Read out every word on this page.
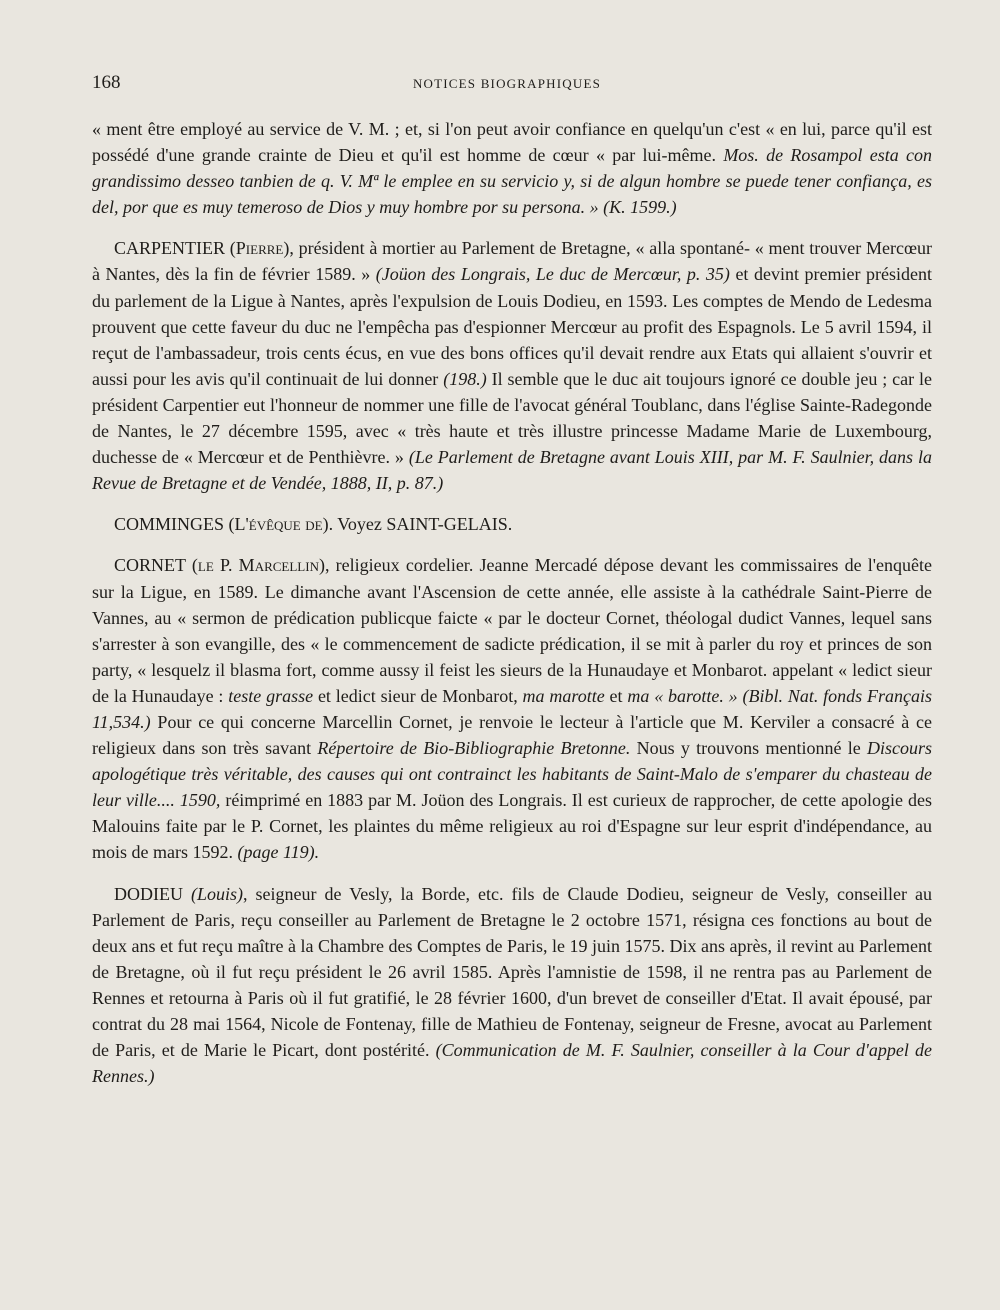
168	NOTICES BIOGRAPHIQUES

« ment être employé au service de V. M. ; et, si l'on peut avoir confiance en quelqu'un c'est « en lui, parce qu'il est possédé d'une grande crainte de Dieu et qu'il est homme de cœur « par lui-même. Mos. de Rosampol esta con grandissimo desseo tanbien de q. V. Mª le emplee en su servicio y, si de algun hombre se puede tener confiança, es del, por que es muy temeroso de Dios y muy hombre por su persona. » (K. 1599.)

CARPENTIER (Pierre), président à mortier au Parlement de Bretagne, « alla spontané- « ment trouver Mercœur à Nantes, dès la fin de février 1589. » (Joüon des Longrais, Le duc de Mercœur, p. 35) et devint premier président du parlement de la Ligue à Nantes, après l'expulsion de Louis Dodieu, en 1593. Les comptes de Mendo de Ledesma prouvent que cette faveur du duc ne l'empêcha pas d'espionner Mercœur au profit des Espagnols. Le 5 avril 1594, il reçut de l'ambassadeur, trois cents écus, en vue des bons offices qu'il devait rendre aux Etats qui allaient s'ouvrir et aussi pour les avis qu'il continuait de lui donner (198.) Il semble que le duc ait toujours ignoré ce double jeu ; car le président Carpentier eut l'honneur de nommer une fille de l'avocat général Toublanc, dans l'église Sainte-Radegonde de Nantes, le 27 décembre 1595, avec « très haute et très illustre princesse Madame Marie de Luxembourg, duchesse de « Mercœur et de Penthièvre. » (Le Parlement de Bretagne avant Louis XIII, par M. F. Saulnier, dans la Revue de Bretagne et de Vendée, 1888, II, p. 87.)

COMMINGES (L'évêque de). Voyez SAINT-GELAIS.

CORNET (le P. Marcellin), religieux cordelier. Jeanne Mercadé dépose devant les commissaires de l'enquête sur la Ligue, en 1589. Le dimanche avant l'Ascension de cette année, elle assiste à la cathédrale Saint-Pierre de Vannes, au « sermon de prédication publicque faicte « par le docteur Cornet, théologal dudict Vannes, lequel sans s'arrester à son evangille, des « le commencement de sadicte prédication, il se mit à parler du roy et princes de son party, « lesquelz il blasma fort, comme aussy il feist les sieurs de la Hunaudaye et Monbarot. appelant « ledict sieur de la Hunaudaye : teste grasse et ledict sieur de Monbarot, ma marotte et ma « barotte. » (Bibl. Nat. fonds Français 11,534.) Pour ce qui concerne Marcellin Cornet, je renvoie le lecteur à l'article que M. Kerviler a consacré à ce religieux dans son très savant Répertoire de Bio-Bibliographie Bretonne. Nous y trouvons mentionné le Discours apologétique très véritable, des causes qui ont contrainct les habitants de Saint-Malo de s'emparer du chasteau de leur ville.... 1590, réimprimé en 1883 par M. Joüon des Longrais. Il est curieux de rapprocher, de cette apologie des Malouins faite par le P. Cornet, les plaintes du même religieux au roi d'Espagne sur leur esprit d'indépendance, au mois de mars 1592. (page 119).

DODIEU (Louis), seigneur de Vesly, la Borde, etc. fils de Claude Dodieu, seigneur de Vesly, conseiller au Parlement de Paris, reçu conseiller au Parlement de Bretagne le 2 octobre 1571, résigna ces fonctions au bout de deux ans et fut reçu maître à la Chambre des Comptes de Paris, le 19 juin 1575. Dix ans après, il revint au Parlement de Bretagne, où il fut reçu président le 26 avril 1585. Après l'amnistie de 1598, il ne rentra pas au Parlement de Rennes et retourna à Paris où il fut gratifié, le 28 février 1600, d'un brevet de conseiller d'Etat. Il avait épousé, par contrat du 28 mai 1564, Nicole de Fontenay, fille de Mathieu de Fontenay, seigneur de Fresne, avocat au Parlement de Paris, et de Marie le Picart, dont postérité. (Communication de M. F. Saulnier, conseiller à la Cour d'appel de Rennes.)
